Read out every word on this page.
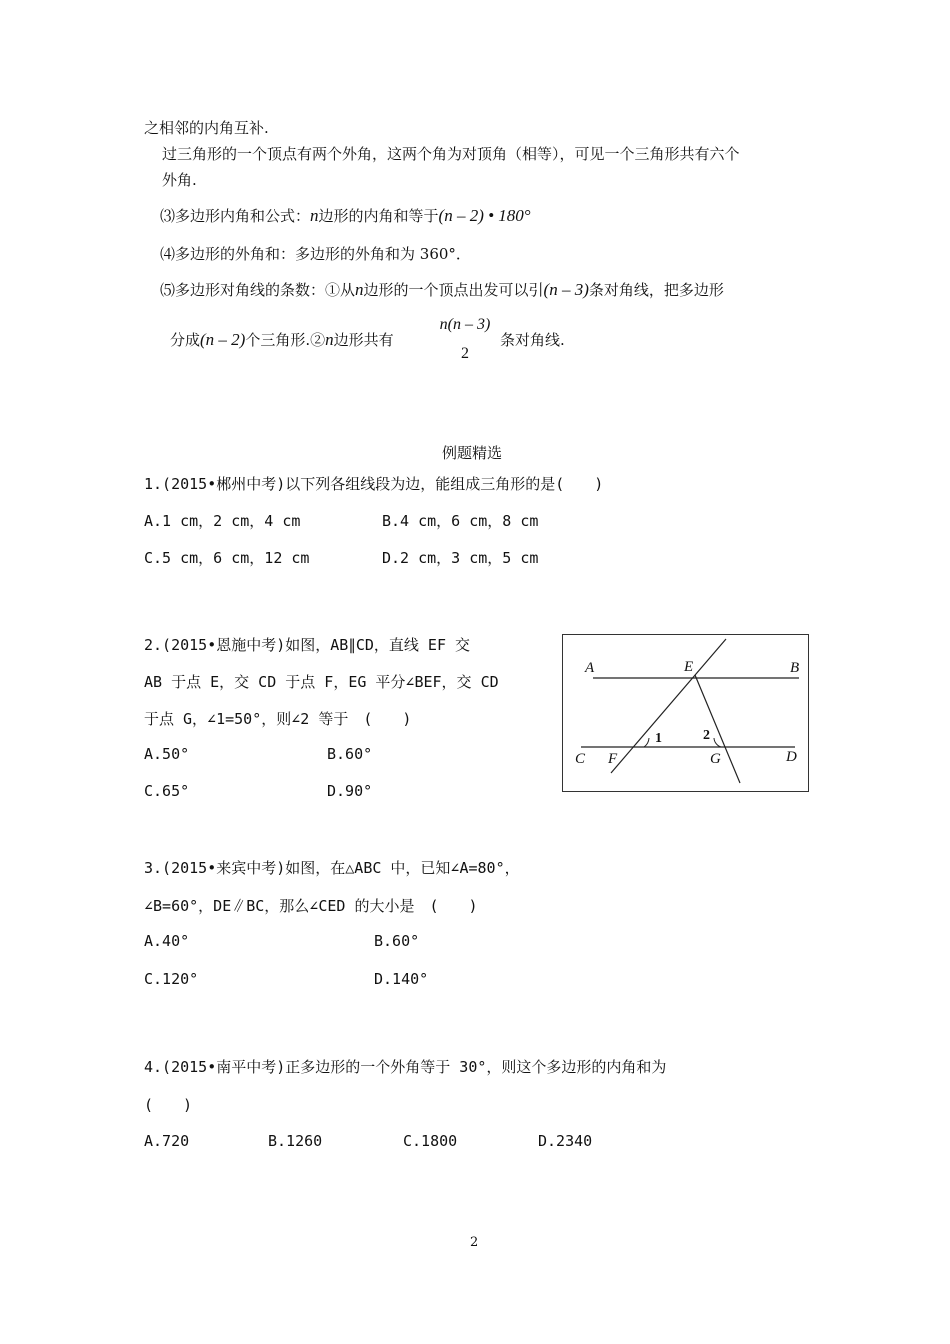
之相邻的内角互补.
过三角形的一个顶点有两个外角，这两个角为对顶角（相等），可见一个三角形共有六个
外角.
⑶多边形内角和公式：n边形的内角和等于(n – 2) • 180°
⑷多边形的外角和：多边形的外角和为 360°．
⑸多边形对角线的条数：①从n边形的一个顶点出发可以引(n – 3)条对角线，把多边形
分成(n – 2)个三角形.②n边形共有
n(n – 3)
2
条对角线.
例题精选
1.(2015•郴州中考)以下列各组线段为边，能组成三角形的是(　　)
A.1 cm，2 cm，4 cm	B.4 cm，6 cm，8 cm
C.5 cm，6 cm，12 cm	D.2 cm，3 cm，5 cm
2.(2015•恩施中考)如图，AB∥CD，直线 EF 交
AB 于点 E，交 CD 于点 F，EG 平分∠BEF，交 CD
于点 G，∠1=50°，则∠2 等于　(　　)
A.50°	B.60°
C.65°	D.90°
A	B
C	D
E
F	G
1	2
3.(2015•来宾中考)如图，在△ABC 中，已知∠A=80°，
∠B=60°，DE∥BC，那么∠CED 的大小是　(　　)
A.40°	B.60°
C.120°	D.140°
4.(2015•南平中考)正多边形的一个外角等于 30°，则这个多边形的内角和为
(　　)
A.720	B.1260	C.1800	D.2340
2
